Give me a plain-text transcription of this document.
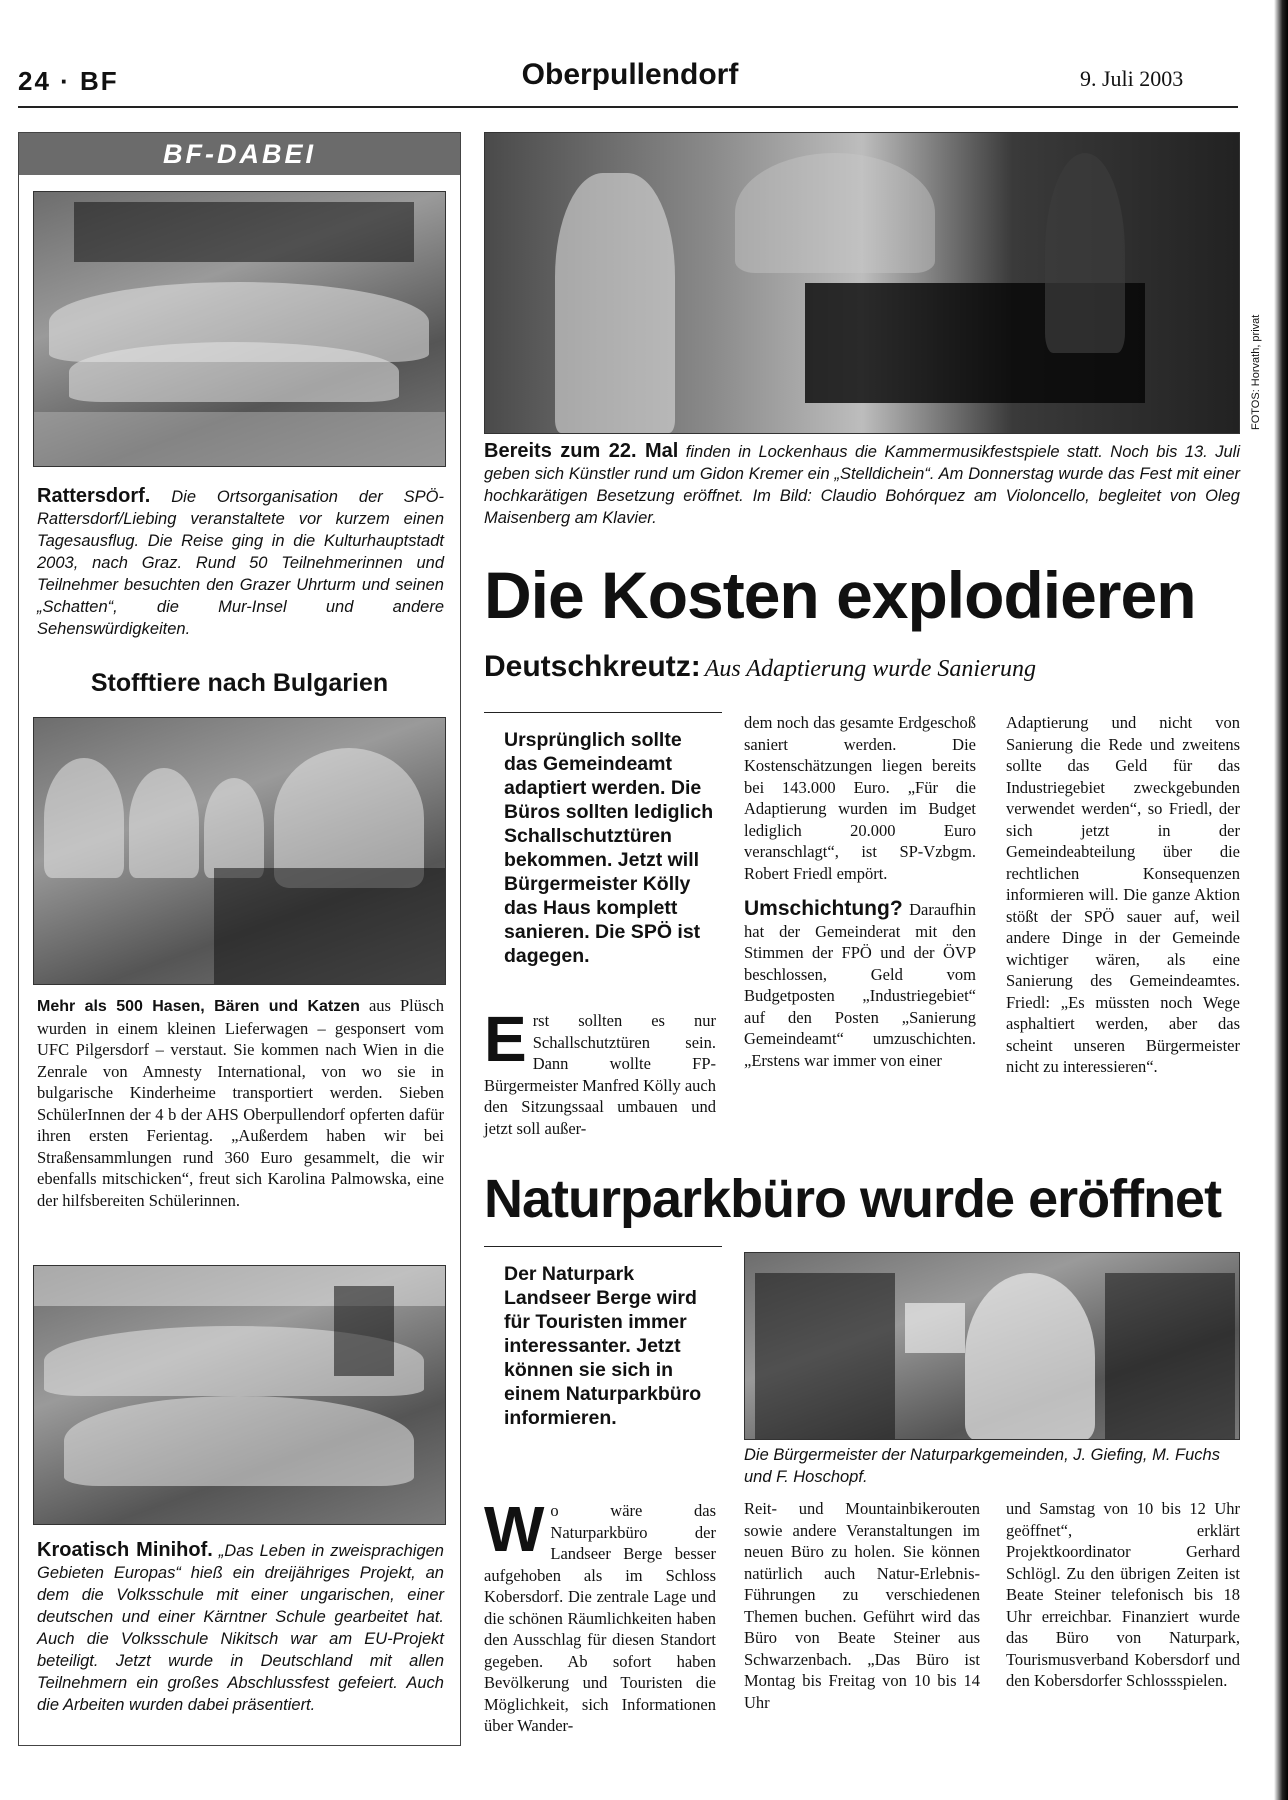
24 · BF	Oberpullendorf	9. Juli 2003
BF-DABEI
Rattersdorf. Die Ortsorganisation der SPÖ-Rattersdorf/Liebing veranstaltete vor kurzem einen Tagesausflug. Die Reise ging in die Kulturhauptstadt 2003, nach Graz. Rund 50 Teilnehmerinnen und Teilnehmer besuchten den Grazer Uhrturm und seinen „Schatten“, die Mur-Insel und andere Sehenswürdigkeiten.
Stofftiere nach Bulgarien
Mehr als 500 Hasen, Bären und Katzen aus Plüsch wurden in einem kleinen Lieferwagen – gesponsert vom UFC Pilgersdorf – verstaut. Sie kommen nach Wien in die Zenrale von Amnesty International, von wo sie in bulgarische Kinderheime transportiert werden. Sieben SchülerInnen der 4 b der AHS Oberpullendorf opferten dafür ihren ersten Ferientag. „Außerdem haben wir bei Straßensammlungen rund 360 Euro gesammelt, die wir ebenfalls mitschicken“, freut sich Karolina Palmowska, eine der hilfsbereiten Schülerinnen.
Kroatisch Minihof. „Das Leben in zweisprachigen Gebieten Europas“ hieß ein dreijähriges Projekt, an dem die Volksschule mit einer ungarischen, einer deutschen und einer Kärntner Schule gearbeitet hat. Auch die Volksschule Nikitsch war am EU-Projekt beteiligt. Jetzt wurde in Deutschland mit allen Teilnehmern ein großes Abschlussfest gefeiert. Auch die Arbeiten wurden dabei präsentiert.
FOTOS: Horvath, privat
Bereits zum 22. Mal finden in Lockenhaus die Kammermusikfestspiele statt. Noch bis 13. Juli geben sich Künstler rund um Gidon Kremer ein „Stelldichein“. Am Donnerstag wurde das Fest mit einer hochkarätigen Besetzung eröffnet. Im Bild: Claudio Bohórquez am Violoncello, begleitet von Oleg Maisenberg am Klavier.
Die Kosten explodieren
Deutschkreutz: Aus Adaptierung wurde Sanierung
Ursprünglich sollte das Gemeindeamt adaptiert werden. Die Büros sollten lediglich Schallschutztüren bekommen. Jetzt will Bürgermeister Kölly das Haus komplett sanieren. Die SPÖ ist dagegen.
Erst sollten es nur Schallschutztüren sein. Dann wollte FP-Bürgermeister Manfred Kölly auch den Sitzungssaal umbauen und jetzt soll außer-
dem noch das gesamte Erdgeschoß saniert werden. Die Kostenschätzungen liegen bereits bei 143.000 Euro. „Für die Adaptierung wurden im Budget lediglich 20.000 Euro veranschlagt“, ist SP-Vzbgm. Robert Friedl empört.
Umschichtung? Daraufhin hat der Gemeinderat mit den Stimmen der FPÖ und der ÖVP beschlossen, Geld vom Budgetposten „Industriegebiet“ auf den Posten „Sanierung Gemeindeamt“ umzuschichten. „Erstens war immer von einer
Adaptierung und nicht von Sanierung die Rede und zweitens sollte das Geld für das Industriegebiet zweckgebunden verwendet werden“, so Friedl, der sich jetzt in der Gemeindeabteilung über die rechtlichen Konsequenzen informieren will. Die ganze Aktion stößt der SPÖ sauer auf, weil andere Dinge in der Gemeinde wichtiger wären, als eine Sanierung des Gemeindeamtes. Friedl: „Es müssten noch Wege asphaltiert werden, aber das scheint unseren Bürgermeister nicht zu interessieren“.
Naturparkbüro wurde eröffnet
Der Naturpark Landseer Berge wird für Touristen immer interessanter. Jetzt können sie sich in einem Naturparkbüro informieren.
Die Bürgermeister der Naturparkgemeinden, J. Giefing, M. Fuchs und F. Hoschopf.
Wo wäre das Naturparkbüro der Landseer Berge besser aufgehoben als im Schloss Kobersdorf. Die zentrale Lage und die schönen Räumlichkeiten haben den Ausschlag für diesen Standort gegeben. Ab sofort haben Bevölkerung und Touristen die Möglichkeit, sich Informationen über Wander-
Reit- und Mountainbikerouten sowie andere Veranstaltungen im neuen Büro zu holen. Sie können natürlich auch Natur-Erlebnis-Führungen zu verschiedenen Themen buchen. Geführt wird das Büro von Beate Steiner aus Schwarzenbach. „Das Büro ist Montag bis Freitag von 10 bis 14 Uhr
und Samstag von 10 bis 12 Uhr geöffnet“, erklärt Projektkoordinator Gerhard Schlögl. Zu den übrigen Zeiten ist Beate Steiner telefonisch bis 18 Uhr erreichbar. Finanziert wurde das Büro von Naturpark, Tourismusverband Kobersdorf und den Kobersdorfer Schlossspielen.
